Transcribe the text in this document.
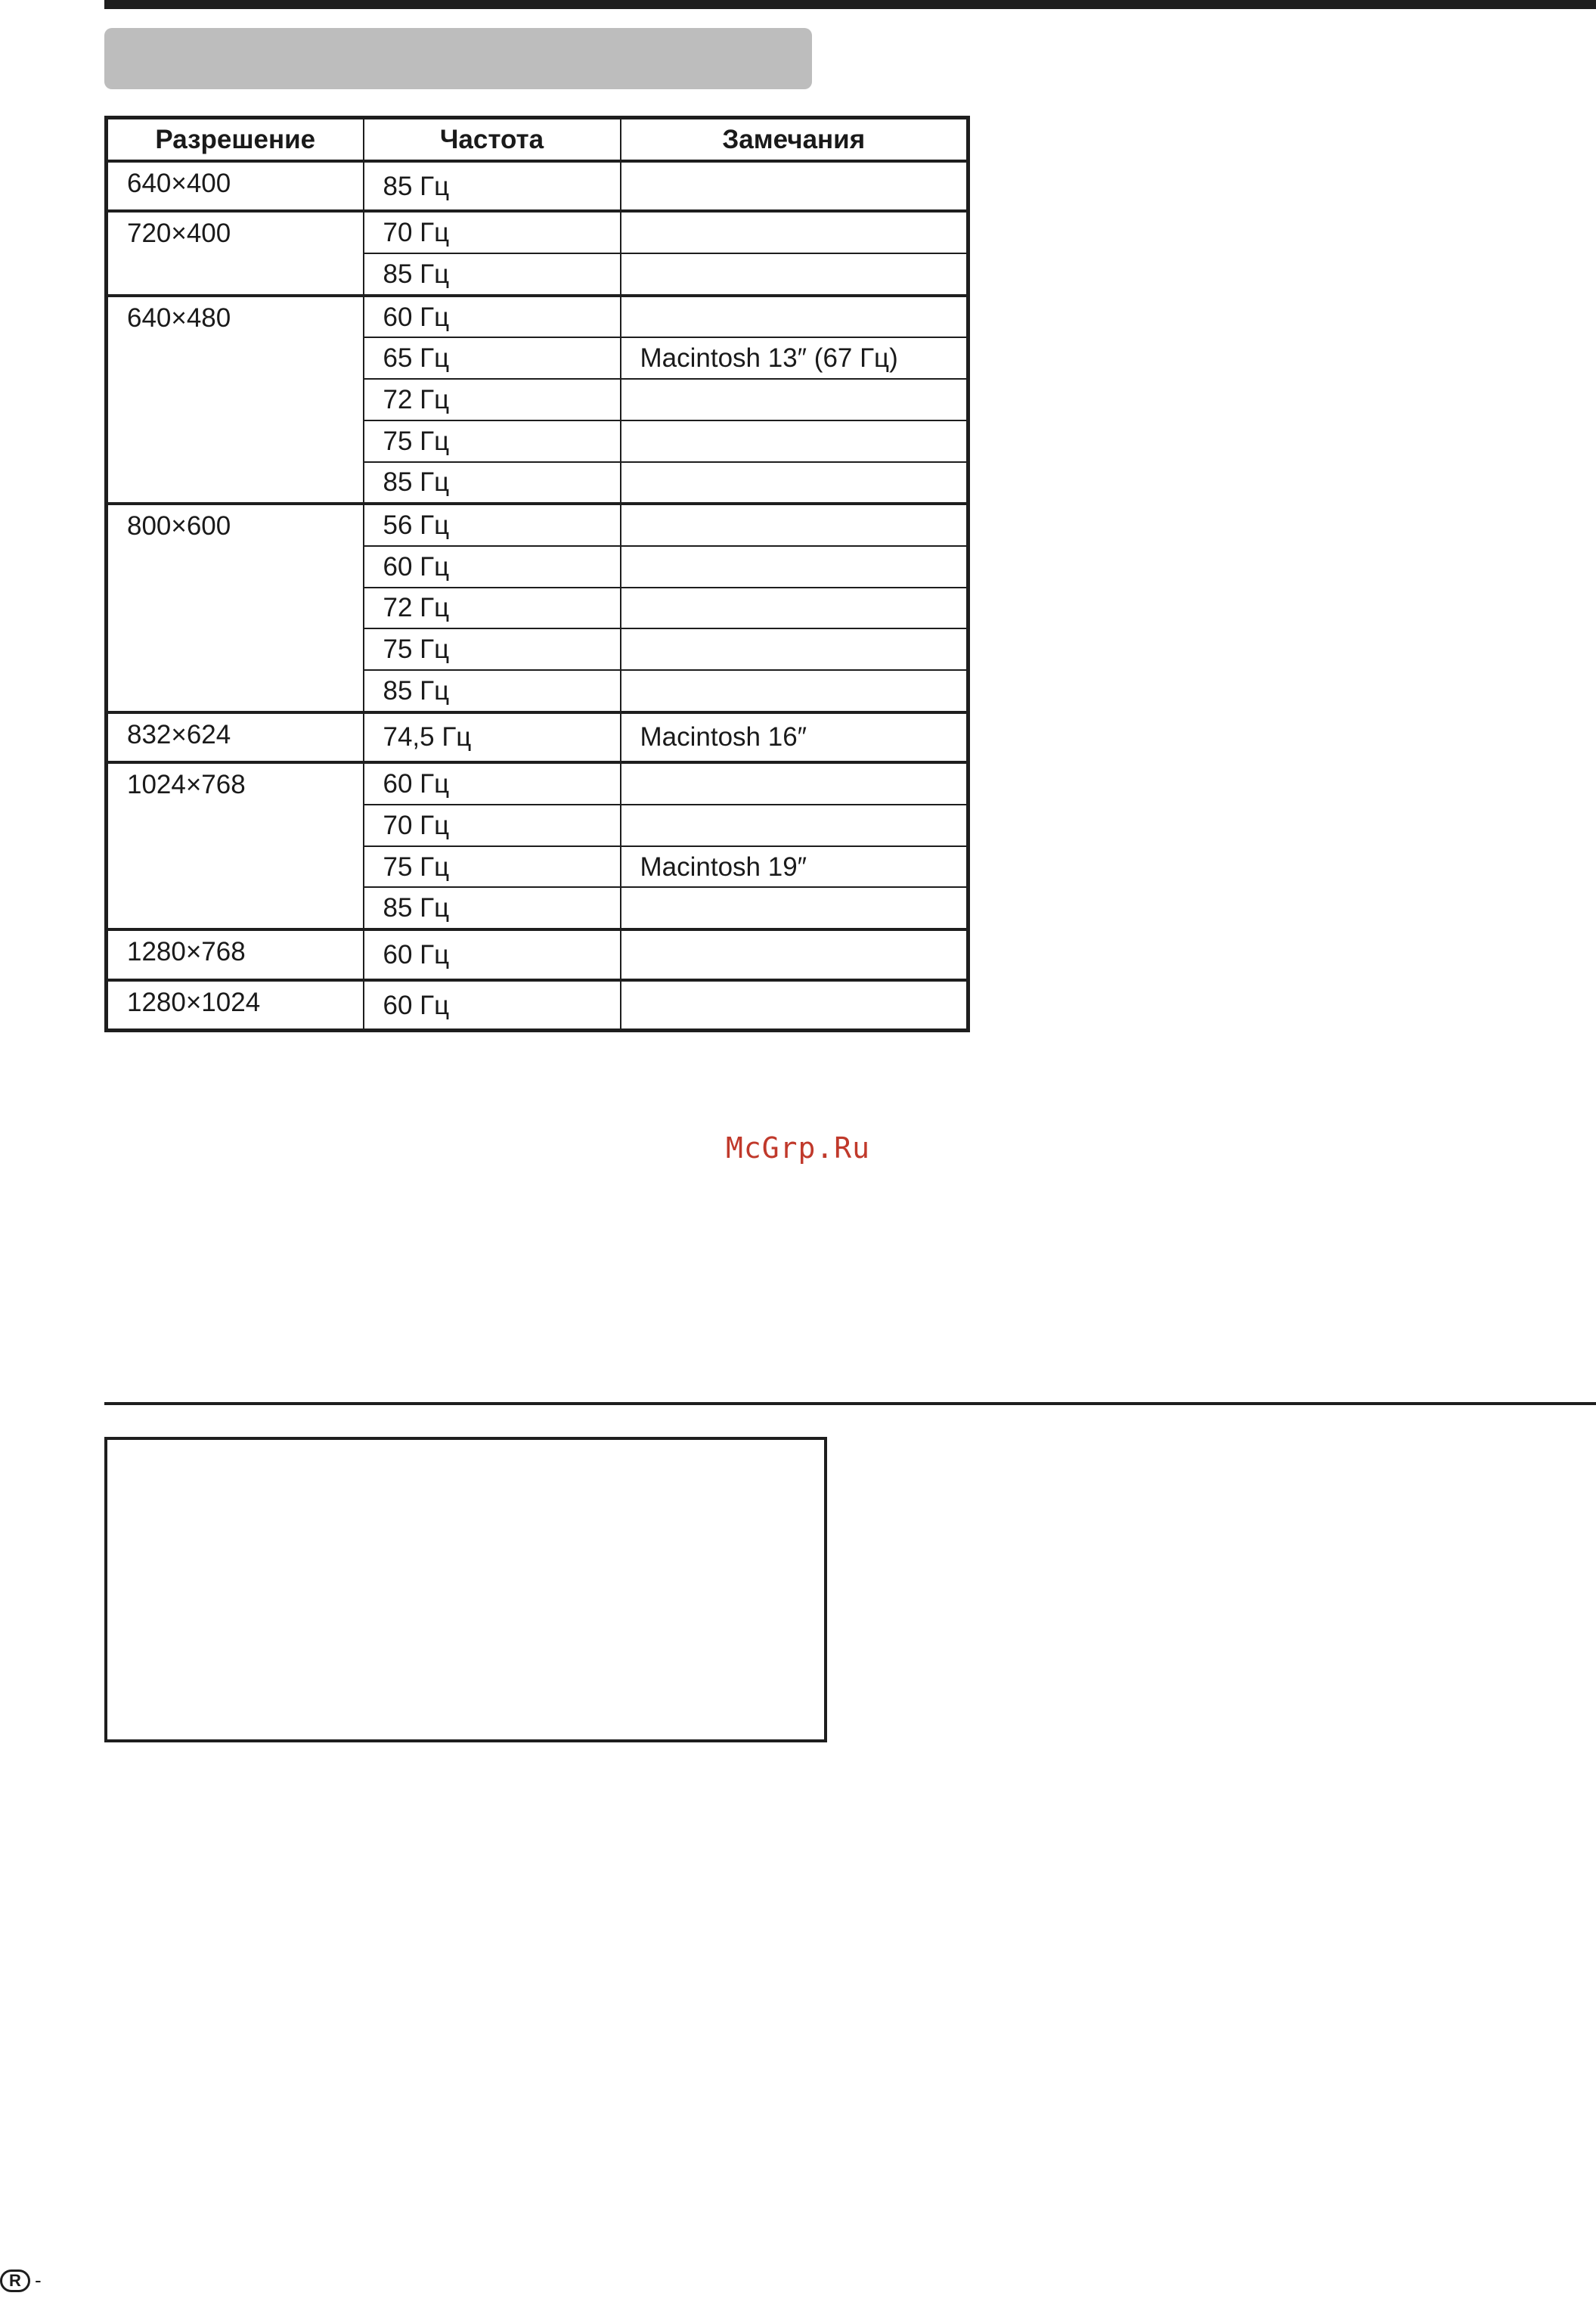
Разрешение	Частота	Замечания
640×400	85 Гц	
720×400	70 Гц	
	85 Гц	
640×480	60 Гц	
	65 Гц	Macintosh 13″ (67 Гц)
	72 Гц	
	75 Гц	
	85 Гц	
800×600	56 Гц	
	60 Гц	
	72 Гц	
	75 Гц	
	85 Гц	
832×624	74,5 Гц	Macintosh 16″
1024×768	60 Гц	
	70 Гц	
	75 Гц	Macintosh 19″
	85 Гц	
1280×768	60 Гц	
1280×1024	60 Гц	
McGrp.Ru
R -
